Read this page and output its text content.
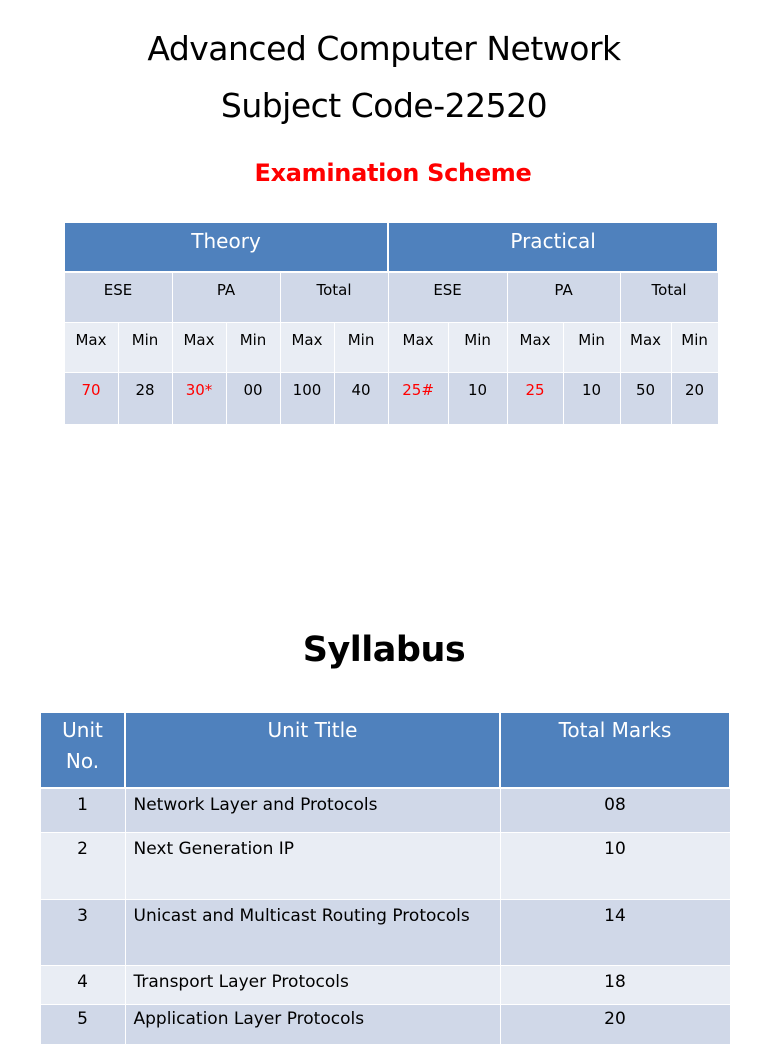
Advanced Computer Network
Subject Code-22520
Examination Scheme
Theory						Practical					
ESE		PA		Total		ESE		PA		Total	
Max	Min	Max	Min	Max	Min	Max	Min	Max	Min	Max	Min
70	28	30*	00	100	40	25#	10	25	10	50	20
Syllabus
Unit
No.	Unit Title	Total Marks
1	Network Layer and Protocols	08
2	Next Generation IP	10
3	Unicast and Multicast Routing Protocols	14
4	Transport Layer Protocols	18
5	Application Layer Protocols	20
